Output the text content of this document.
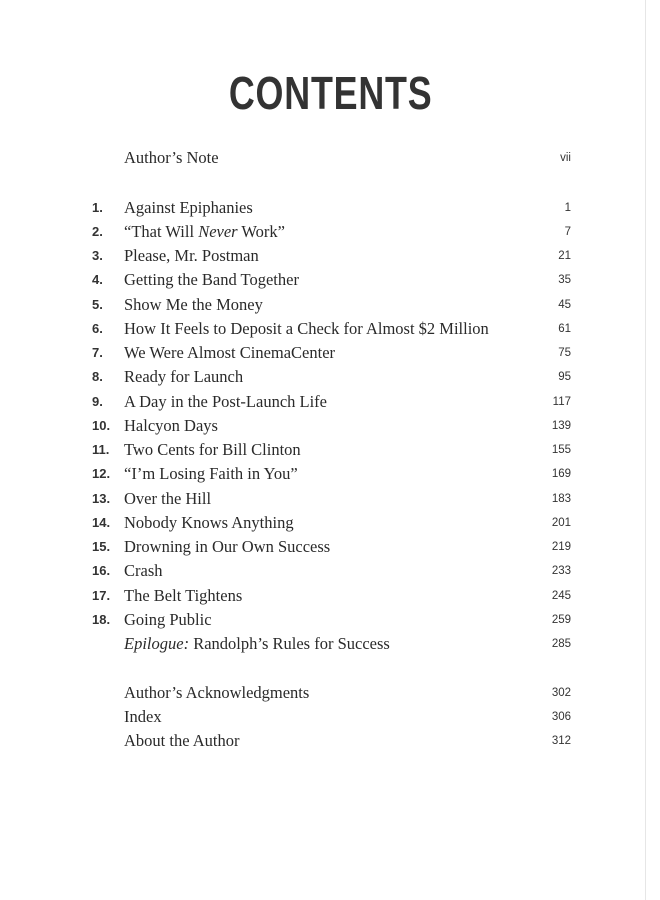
CONTENTS
Author’s Note	vii
1.	Against Epiphanies	1
2.	“That Will Never Work”	7
3.	Please, Mr. Postman	21
4.	Getting the Band Together	35
5.	Show Me the Money	45
6.	How It Feels to Deposit a Check for Almost $2 Million	61
7.	We Were Almost CinemaCenter	75
8.	Ready for Launch	95
9.	A Day in the Post-Launch Life	117
10. Halcyon Days	139
11. Two Cents for Bill Clinton	155
12. “I’m Losing Faith in You”	169
13. Over the Hill	183
14. Nobody Knows Anything	201
15. Drowning in Our Own Success	219
16. Crash	233
17. The Belt Tightens	245
18. Going Public	259
Epilogue: Randolph’s Rules for Success	285
Author’s Acknowledgments	302
Index	306
About the Author	312
